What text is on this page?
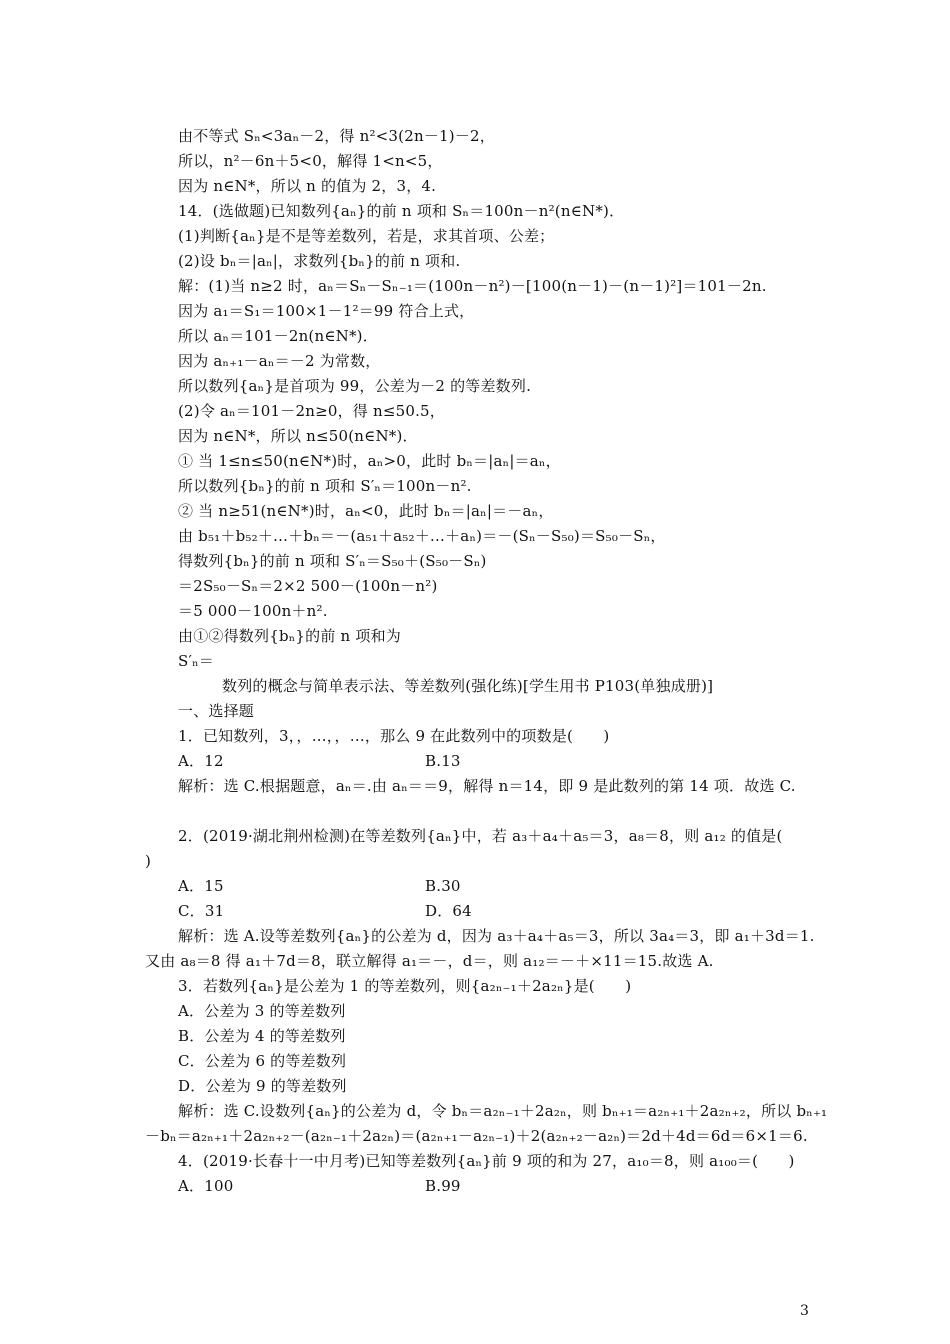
由不等式 Sₙ<3aₙ－2，得 n²<3(2n－1)－2，
所以，n²－6n＋5<0，解得 1<n<5，
因为 n∈N*，所以 n 的值为 2，3，4.
14．(选做题)已知数列{aₙ}的前 n 项和 Sₙ＝100n－n²(n∈N*)．
(1)判断{aₙ}是不是等差数列，若是，求其首项、公差；
(2)设 bₙ＝|aₙ|，求数列{bₙ}的前 n 项和.
解：(1)当 n≥2 时，aₙ＝Sₙ－Sₙ₋₁＝(100n－n²)－[100(n－1)－(n－1)²]＝101－2n.
因为 a₁＝S₁＝100×1－1²＝99 符合上式，
所以 aₙ＝101－2n(n∈N*)．
因为 aₙ₊₁－aₙ＝－2 为常数，
所以数列{aₙ}是首项为 99，公差为－2 的等差数列.
(2)令 aₙ＝101－2n≥0，得 n≤50.5，
因为 n∈N*，所以 n≤50(n∈N*)．
① 当 1≤n≤50(n∈N*)时，aₙ>0，此时 bₙ＝|aₙ|＝aₙ，
所以数列{bₙ}的前 n 项和 S′ₙ＝100n－n².
② 当 n≥51(n∈N*)时，aₙ<0，此时 bₙ＝|aₙ|＝－aₙ，
由 b₅₁＋b₅₂＋…＋bₙ＝－(a₅₁＋a₅₂＋…＋aₙ)＝－(Sₙ－S₅₀)＝S₅₀－Sₙ，
得数列{bₙ}的前 n 项和 S′ₙ＝S₅₀＋(S₅₀－Sₙ)
＝2S₅₀－Sₙ＝2×2 500－(100n－n²)
＝5 000－100n＋n².
由①②得数列{bₙ}的前 n 项和为
S′ₙ＝
数列的概念与简单表示法、等差数列(强化练)[学生用书 P103(单独成册)]
一、选择题
1．已知数列，3，，…，，…，那么 9 在此数列中的项数是(　　)
解析：选 C.根据题意，aₙ＝.由 aₙ＝＝9，解得 n＝14，即 9 是此数列的第 14 项．故选 C.
2．(2019·湖北荆州检测)在等差数列{aₙ}中，若 a₃＋a₄＋a₅＝3，a₈＝8，则 a₁₂ 的值是(
)
解析：选 A.设等差数列{aₙ}的公差为 d，因为 a₃＋a₄＋a₅＝3，所以 3a₄＝3，即 a₁＋3d＝1.
又由 a₈＝8 得 a₁＋7d＝8，联立解得 a₁＝－，d＝，则 a₁₂＝－＋×11＝15.故选 A.
3．若数列{aₙ}是公差为 1 的等差数列，则{a₂ₙ₋₁＋2a₂ₙ}是(　　)
A．公差为 3 的等差数列
B．公差为 4 的等差数列
C．公差为 6 的等差数列
D．公差为 9 的等差数列
解析：选 C.设数列{aₙ}的公差为 d，令 bₙ＝a₂ₙ₋₁＋2a₂ₙ，则 bₙ₊₁＝a₂ₙ₊₁＋2a₂ₙ₊₂，所以 bₙ₊₁
－bₙ＝a₂ₙ₊₁＋2a₂ₙ₊₂－(a₂ₙ₋₁＋2a₂ₙ)＝(a₂ₙ₊₁－a₂ₙ₋₁)＋2(a₂ₙ₊₂－a₂ₙ)＝2d＋4d＝6d＝6×1＝6.
4．(2019·长春十一中月考)已知等差数列{aₙ}前 9 项的和为 27，a₁₀＝8，则 a₁₀₀＝(　　)
A．12	B.13
A．15	B.30
C．31	D．64
A．100	B.99
3
